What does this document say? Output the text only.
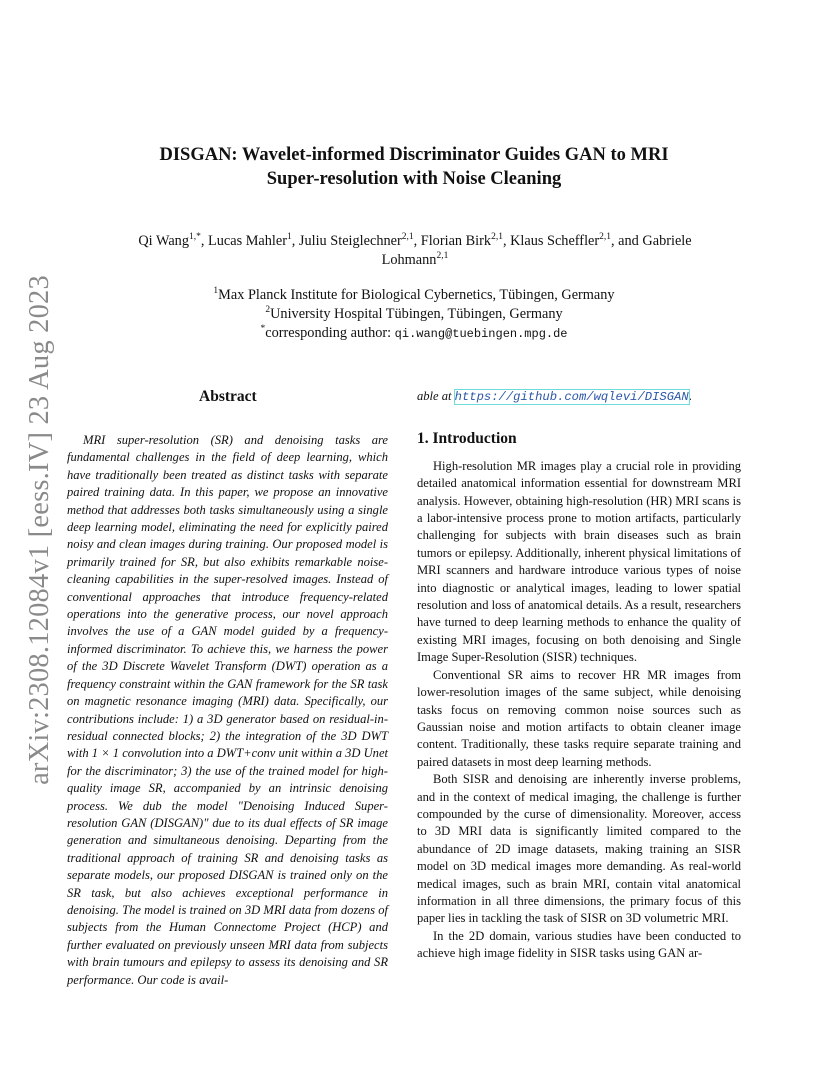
arXiv:2308.12084v1 [eess.IV] 23 Aug 2023
DISGAN: Wavelet-informed Discriminator Guides GAN to MRI
Super-resolution with Noise Cleaning
Qi Wang$^{1,*}$, Lucas Mahler$^1$, Juliu Steiglechner$^{2,1}$, Florian Birk$^{2,1}$, Klaus Scheffler$^{2,1}$, and Gabriele
Lohmann$^{2,1}$
$^1$Max Planck Institute for Biological Cybernetics, Tübingen, Germany
$^2$University Hospital Tübingen, Tübingen, Germany
*corresponding author: qi.wang@tuebingen.mpg.de
Abstract

MRI super-resolution (SR) and denoising tasks are fundamental challenges in the field of deep learning, which have traditionally been treated as distinct tasks with separate paired training data. In this paper, we propose an innovative method that addresses both tasks simultaneously using a single deep learning model, eliminating the need for explicitly paired noisy and clean images during training. Our proposed model is primarily trained for SR, but also exhibits remarkable noise-cleaning capabilities in the super-resolved images. Instead of conventional approaches that introduce frequency-related operations into the generative process, our novel approach involves the use of a GAN model guided by a frequency-informed discriminator. To achieve this, we harness the power of the 3D Discrete Wavelet Transform (DWT) operation as a frequency constraint within the GAN framework for the SR task on magnetic resonance imaging (MRI) data. Specifically, our contributions include: 1) a 3D generator based on residual-in-residual connected blocks; 2) the integration of the 3D DWT with 1 × 1 convolution into a DWT+conv unit within a 3D Unet for the discriminator; 3) the use of the trained model for high-quality image SR, accompanied by an intrinsic denoising process. We dub the model "Denoising Induced Super-resolution GAN (DISGAN)" due to its dual effects of SR image generation and simultaneous denoising. Departing from the traditional approach of training SR and denoising tasks as separate models, our proposed DISGAN is trained only on the SR task, but also achieves exceptional performance in denoising. The model is trained on 3D MRI data from dozens of subjects from the Human Connectome Project (HCP) and further evaluated on previously unseen MRI data from subjects with brain tumours and epilepsy to assess its denoising and SR performance. Our code is avail-

able at https://github.com/wqlevi/DISGAN.

1. Introduction

High-resolution MR images play a crucial role in providing detailed anatomical information essential for downstream MRI analysis. However, obtaining high-resolution (HR) MRI scans is a labor-intensive process prone to motion artifacts, particularly challenging for subjects with brain diseases such as brain tumors or epilepsy. Additionally, inherent physical limitations of MRI scanners and hardware introduce various types of noise into diagnostic or analytical images, leading to lower spatial resolution and loss of anatomical details. As a result, researchers have turned to deep learning methods to enhance the quality of existing MRI images, focusing on both denoising and Single Image Super-Resolution (SISR) techniques.

Conventional SR aims to recover HR MR images from lower-resolution images of the same subject, while denoising tasks focus on removing common noise sources such as Gaussian noise and motion artifacts to obtain cleaner image content. Traditionally, these tasks require separate training and paired datasets in most deep learning methods.

Both SISR and denoising are inherently inverse problems, and in the context of medical imaging, the challenge is further compounded by the curse of dimensionality. Moreover, access to 3D MRI data is significantly limited compared to the abundance of 2D image datasets, making training an SISR model on 3D medical images more demanding. As real-world medical images, such as brain MRI, contain vital anatomical information in all three dimensions, the primary focus of this paper lies in tackling the task of SISR on 3D volumetric MRI.

In the 2D domain, various studies have been conducted to achieve high image fidelity in SISR tasks using GAN ar-
